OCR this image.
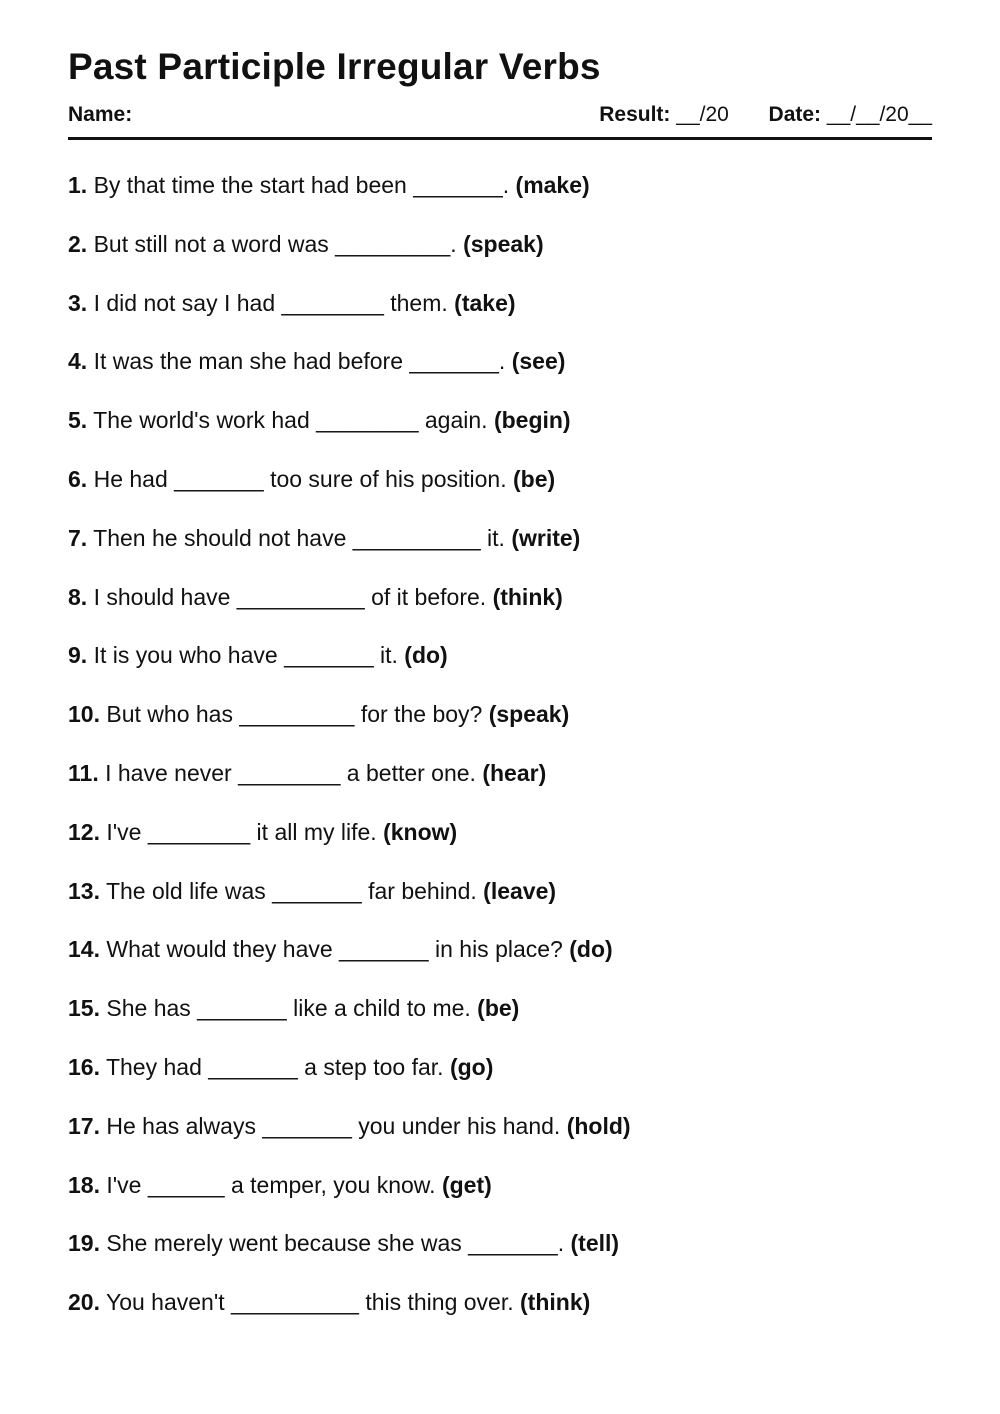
Past Participle Irregular Verbs
Name:	Result: __/20 Date: __/__/20__
1. By that time the start had been _______. (make)
2. But still not a word was _________. (speak)
3. I did not say I had ________ them. (take)
4. It was the man she had before _______. (see)
5. The world's work had ________ again. (begin)
6. He had _______ too sure of his position. (be)
7. Then he should not have __________ it. (write)
8. I should have __________ of it before. (think)
9. It is you who have _______ it. (do)
10. But who has _________ for the boy? (speak)
11. I have never ________ a better one. (hear)
12. I've ________ it all my life. (know)
13. The old life was _______ far behind. (leave)
14. What would they have _______ in his place? (do)
15. She has _______ like a child to me. (be)
16. They had _______ a step too far. (go)
17. He has always _______ you under his hand. (hold)
18. I've ______ a temper, you know. (get)
19. She merely went because she was _______. (tell)
20. You haven't __________ this thing over. (think)
